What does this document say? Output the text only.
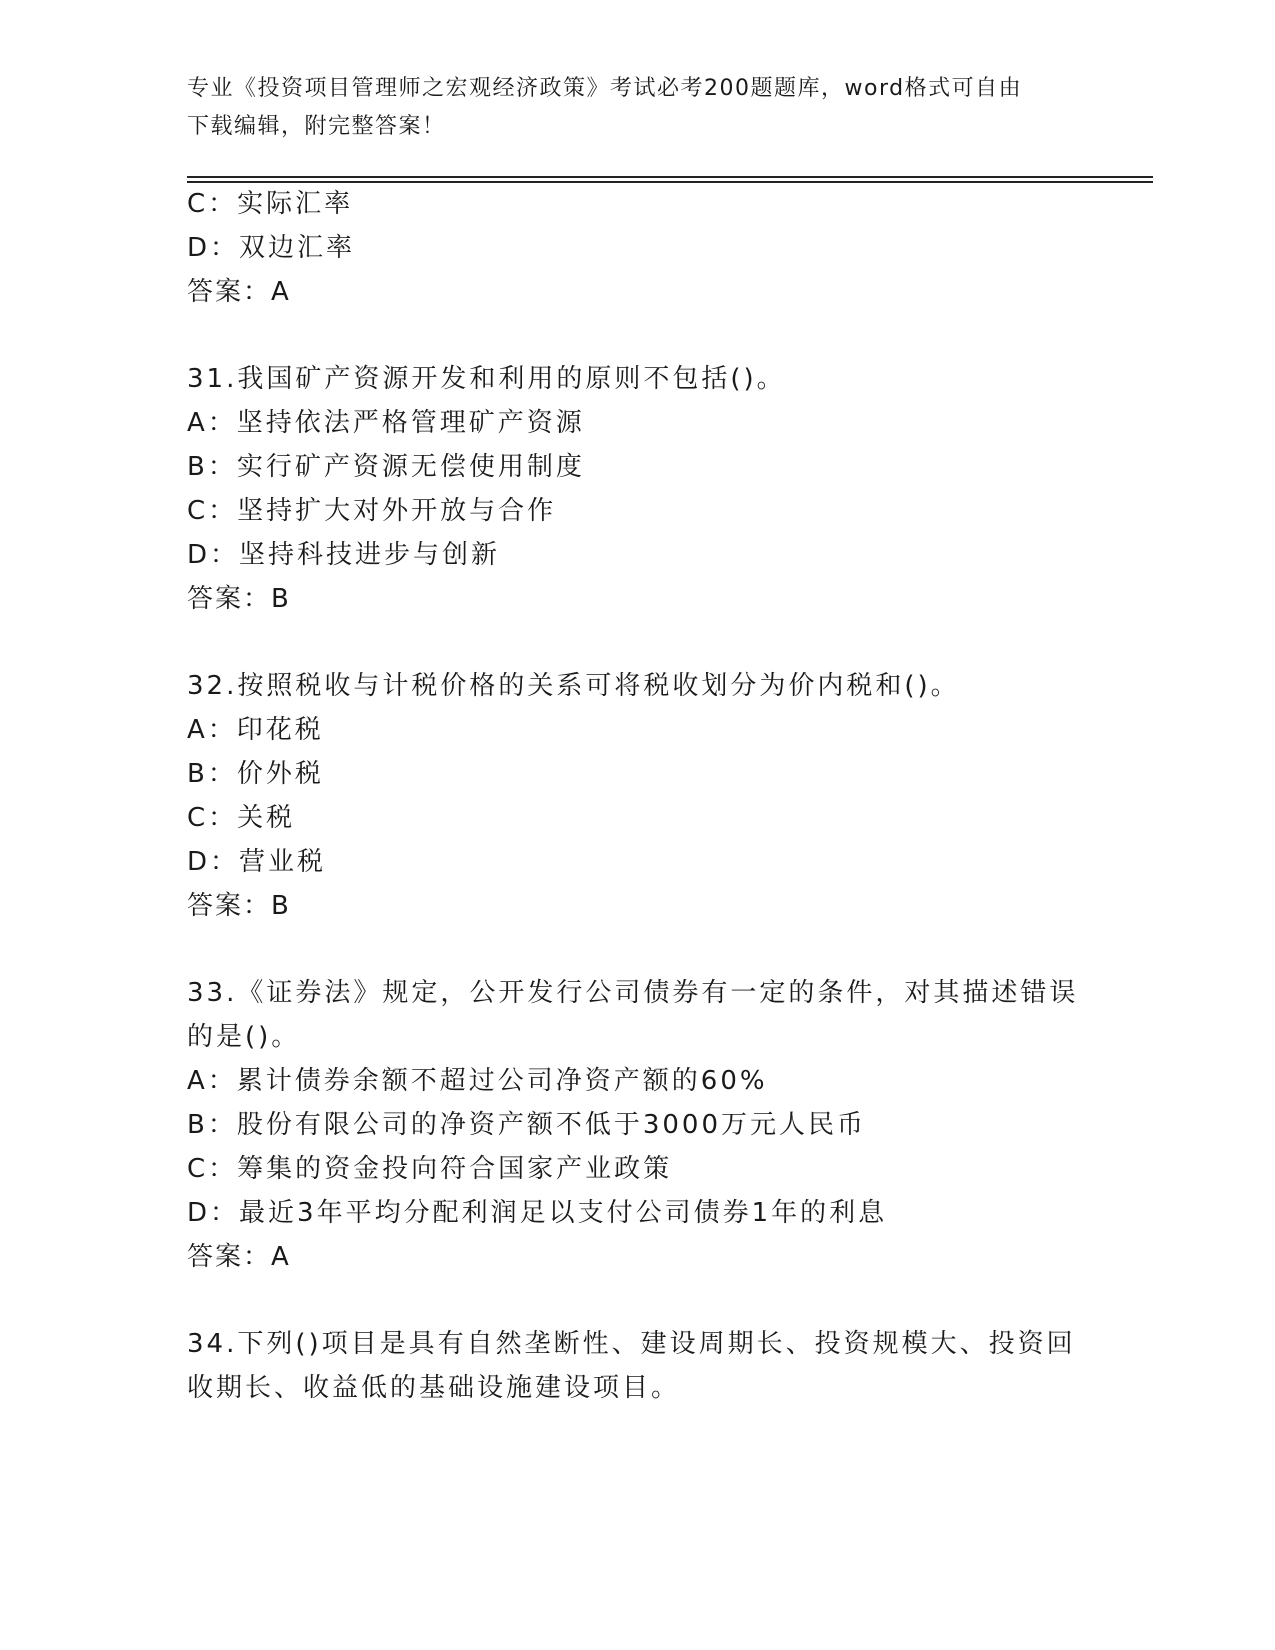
专业《投资项目管理师之宏观经济政策》考试必考200题题库，word格式可自由
下载编辑，附完整答案！
C：实际汇率
D：双边汇率
答案：A
31.我国矿产资源开发和利用的原则不包括()。
A：坚持依法严格管理矿产资源
B：实行矿产资源无偿使用制度
C：坚持扩大对外开放与合作
D：坚持科技进步与创新
答案：B
32.按照税收与计税价格的关系可将税收划分为价内税和()。
A：印花税
B：价外税
C：关税
D：营业税
答案：B
33.《证券法》规定，公开发行公司债券有一定的条件，对其描述错误
的是()。
A：累计债券余额不超过公司净资产额的60%
B：股份有限公司的净资产额不低于3000万元人民币
C：筹集的资金投向符合国家产业政策
D：最近3年平均分配利润足以支付公司债券1年的利息
答案：A
34.下列()项目是具有自然垄断性、建设周期长、投资规模大、投资回
收期长、收益低的基础设施建设项目。
